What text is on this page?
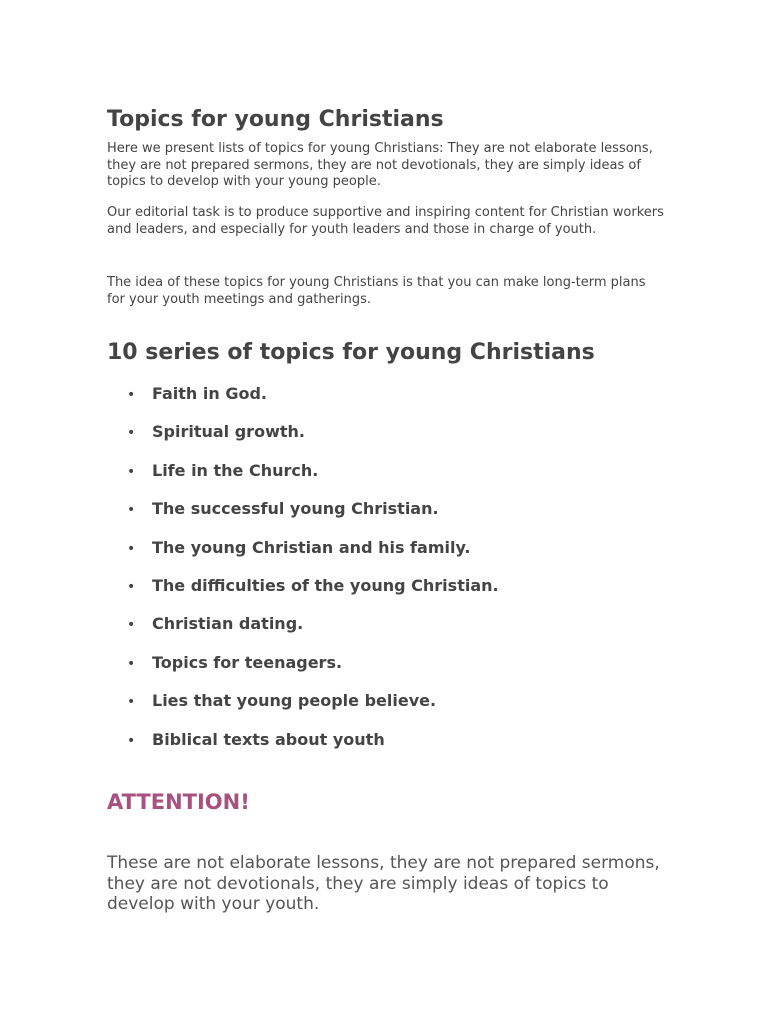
Topics for young Christians

Here we present lists of topics for young Christians: They are not elaborate lessons, they are not prepared sermons, they are not devotionals, they are simply ideas of topics to develop with your young people.

Our editorial task is to produce supportive and inspiring content for Christian workers and leaders, and especially for youth leaders and those in charge of youth.

The idea of these topics for young Christians is that you can make long-term plans for your youth meetings and gatherings.

10 series of topics for young Christians
• Faith in God.
• Spiritual growth.
• Life in the Church.
• The successful young Christian.
• The young Christian and his family.
• The difficulties of the young Christian.
• Christian dating.
• Topics for teenagers.
• Lies that young people believe.
• Biblical texts about youth
ATTENTION!

These are not elaborate lessons, they are not prepared sermons, they are not devotionals, they are simply ideas of topics to develop with your youth.
